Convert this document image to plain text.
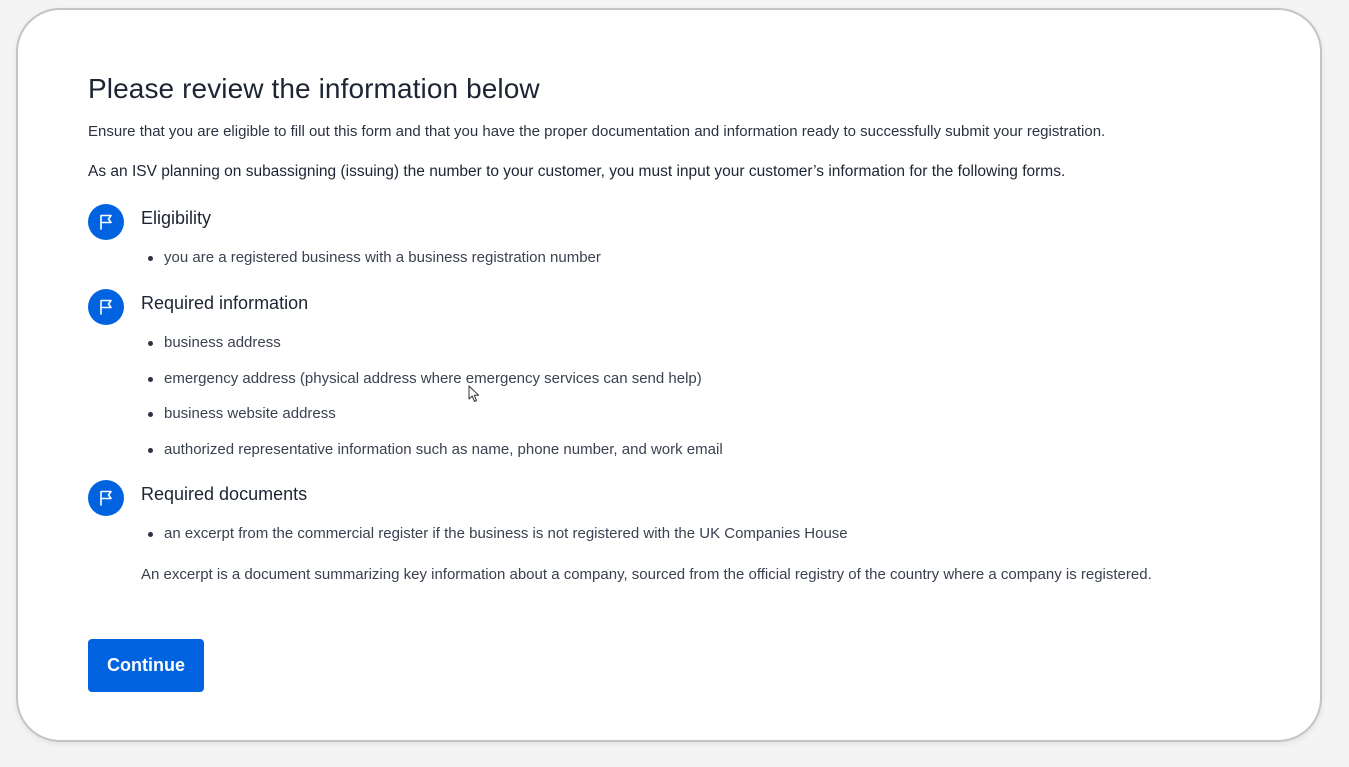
Please review the information below

Ensure that you are eligible to fill out this form and that you have the proper documentation and information ready to successfully submit your registration.

As an ISV planning on subassigning (issuing) the number to your customer, you must input your customer’s information for the following forms.

Eligibility
you are a registered business with a business registration number
Required information
business address
emergency address (physical address where emergency services can send help)
business website address
authorized representative information such as name, phone number, and work email
Required documents
an excerpt from the commercial register if the business is not registered with the UK Companies House

An excerpt is a document summarizing key information about a company, sourced from the official registry of the country where a company is registered.

Continue
